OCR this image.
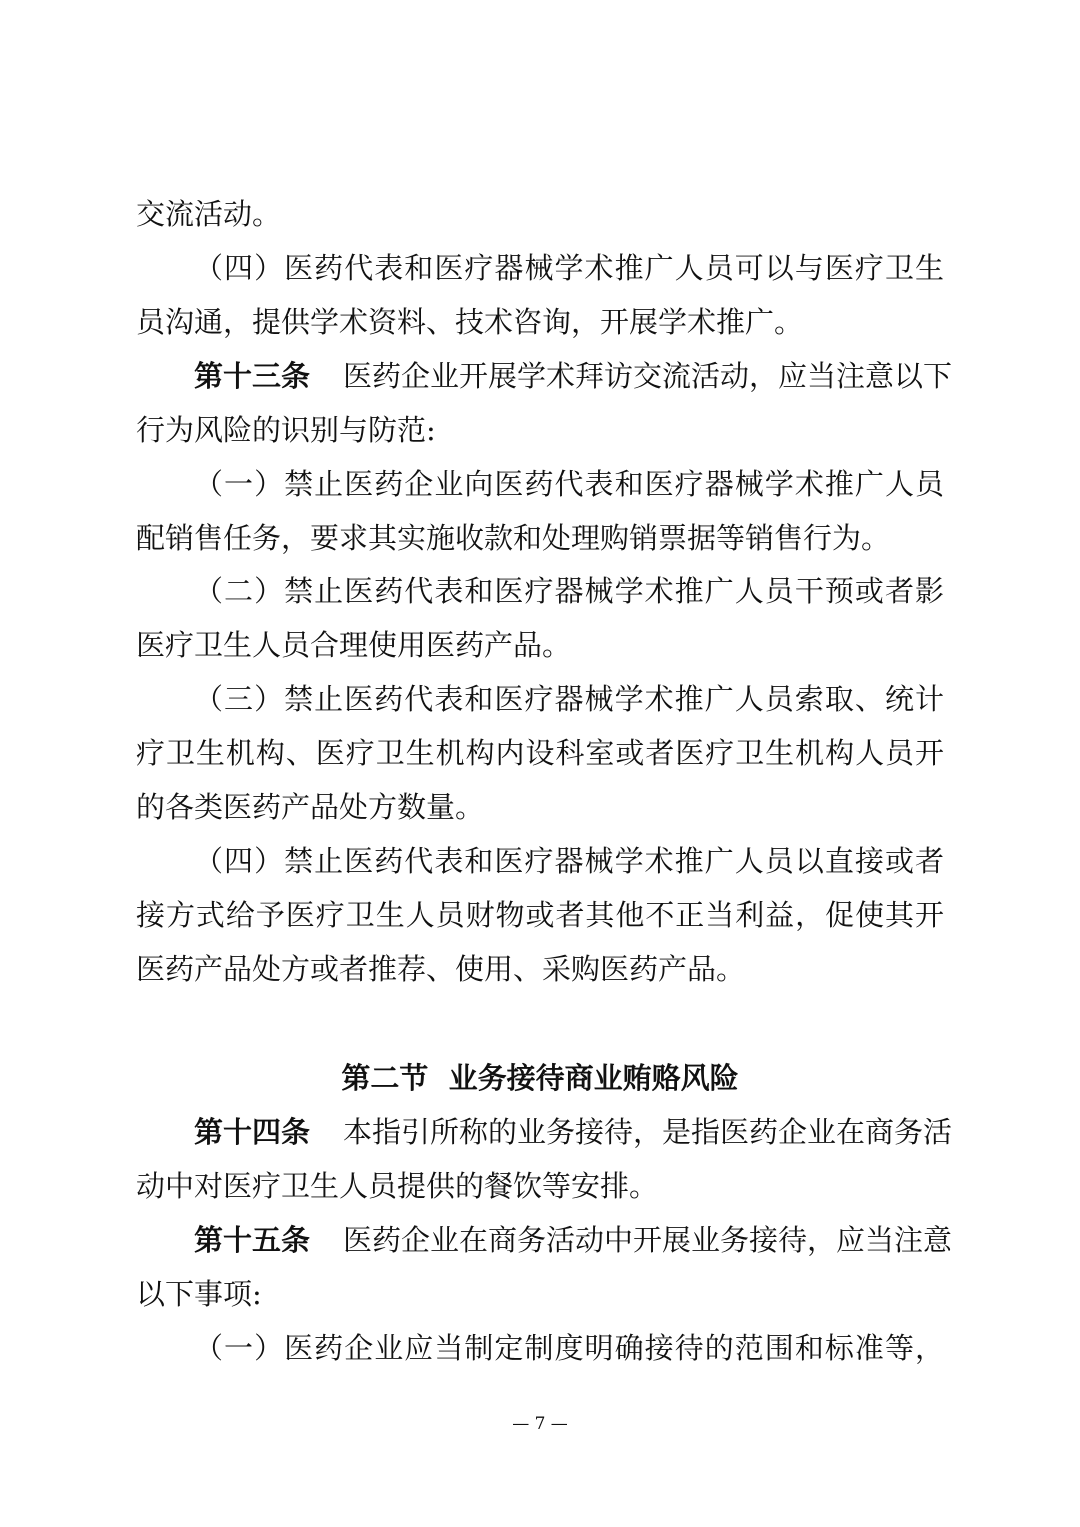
交流活动。

（四）医药代表和医疗器械学术推广人员可以与医疗卫生

员沟通，提供学术资料、技术咨询，开展学术推广。

第十三条 医药企业开展学术拜访交流活动，应当注意以下

行为风险的识别与防范:

（一）禁止医药企业向医药代表和医疗器械学术推广人员

配销售任务，要求其实施收款和处理购销票据等销售行为。

（二）禁止医药代表和医疗器械学术推广人员干预或者影

医疗卫生人员合理使用医药产品。

（三）禁止医药代表和医疗器械学术推广人员索取、统计

疗卫生机构、医疗卫生机构内设科室或者医疗卫生机构人员开

的各类医药产品处方数量。

（四）禁止医药代表和医疗器械学术推广人员以直接或者

接方式给予医疗卫生人员财物或者其他不正当利益，促使其开

医药产品处方或者推荐、使用、采购医药产品。

第二节  业务接待商业贿赂风险

第十四条 本指引所称的业务接待，是指医药企业在商务活

动中对医疗卫生人员提供的餐饮等安排。

第十五条 医药企业在商务活动中开展业务接待，应当注意

以下事项:

（一）医药企业应当制定制度明确接待的范围和标准等，

— 7 —
